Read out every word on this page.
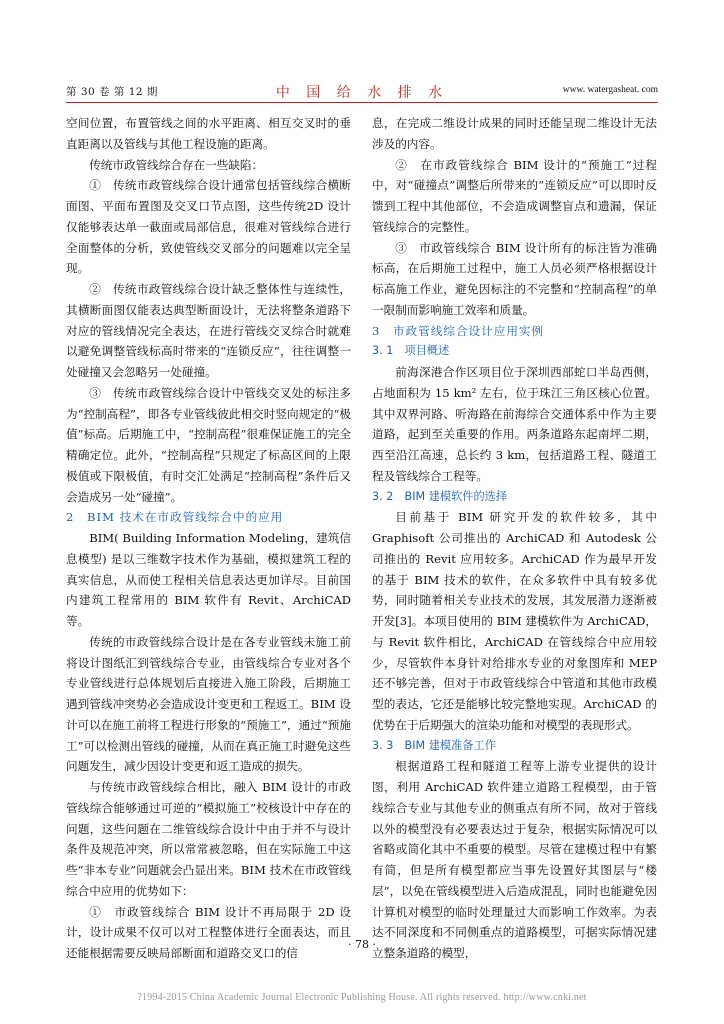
第 30 卷 第 12 期	中 国 给 水 排 水	www. watergasheat. com

空间位置，布置管线之间的水平距离、相互交叉时的垂直距离以及管线与其他工程设施的距离。

传统市政管线综合存在一些缺陷：

①　传统市政管线综合设计通常包括管线综合横断面图、平面布置图及交叉口节点图，这些传统2D 设计仅能够表达单一截面或局部信息，很难对管线综合进行全面整体的分析，致使管线交叉部分的问题难以完全呈现。

②　传统市政管线综合设计缺乏整体性与连续性，其横断面图仅能表达典型断面设计，无法将整条道路下对应的管线情况完全表达，在进行管线交叉综合时就难以避免调整管线标高时带来的“连锁反应”，往往调整一处碰撞又会忽略另一处碰撞。

③　传统市政管线综合设计中管线交叉处的标注多为“控制高程”，即各专业管线彼此相交时竖向规定的“极值”标高。后期施工中，“控制高程”很难保证施工的完全精确定位。此外，“控制高程”只规定了标高区间的上限极值或下限极值，有时交汇处满足“控制高程”条件后又会造成另一处“碰撞”。

2　BIM 技术在市政管线综合中的应用

BIM( Building Information Modeling，建筑信息模型) 是以三维数字技术作为基础，模拟建筑工程的真实信息，从而使工程相关信息表达更加详尽。目前国内建筑工程常用的 BIM 软件有 Revit、ArchiCAD 等。

传统的市政管线综合设计是在各专业管线未施工前将设计图纸汇到管线综合专业，由管线综合专业对各个专业管线进行总体规划后直接进入施工阶段，后期施工遇到管线冲突势必会造成设计变更和工程返工。BIM 设计可以在施工前将工程进行形象的“预施工”，通过“预施工”可以检测出管线的碰撞，从而在真正施工时避免这些问题发生，减少因设计变更和返工造成的损失。

与传统市政管线综合相比，融入 BIM 设计的市政管线综合能够通过可逆的“模拟施工”校核设计中存在的问题，这些问题在二维管线综合设计中由于并不与设计条件及规范冲突，所以常常被忽略，但在实际施工中这些“非本专业”问题就会凸显出来。BIM 技术在市政管线综合中应用的优势如下：

①　市政管线综合 BIM 设计不再局限于 2D 设计，设计成果不仅可以对工程整体进行全面表达，而且还能根据需要反映局部断面和道路交叉口的信

息，在完成二维设计成果的同时还能呈现二维设计无法涉及的内容。

②　在市政管线综合 BIM 设计的“预施工”过程中，对“碰撞点”调整后所带来的“连锁反应”可以即时反馈到工程中其他部位，不会造成调整盲点和遗漏，保证管线综合的完整性。

③　市政管线综合 BIM 设计所有的标注皆为准确标高，在后期施工过程中，施工人员必须严格根据设计标高施工作业，避免因标注的不完整和“控制高程”的单一限制而影响施工效率和质量。

3　市政管线综合设计应用实例

3. 1　项目概述

前海深港合作区项目位于深圳西部蛇口半岛西侧，占地面积为 15 km² 左右，位于珠江三角区核心位置。其中双界河路、听海路在前海综合交通体系中作为主要道路，起到至关重要的作用。两条道路东起南坪二期，西至沿江高速，总长约 3 km，包括道路工程、隧道工程及管线综合工程等。

3. 2　BIM 建模软件的选择

目前基于 BIM 研究开发的软件较多，其中 Graphisoft 公司推出的 ArchiCAD 和 Autodesk 公司推出的 Revit 应用较多。ArchiCAD 作为最早开发的基于 BIM 技术的软件，在众多软件中具有较多优势，同时随着相关专业技术的发展，其发展潜力逐渐被开发[3]。本项目使用的 BIM 建模软件为 ArchiCAD，与 Revit 软件相比，ArchiCAD 在管线综合中应用较少，尽管软件本身针对给排水专业的对象图库和 MEP 还不够完善，但对于市政管线综合中管道和其他市政模型的表达，它还是能够比较完整地实现。ArchiCAD 的优势在于后期强大的渲染功能和对模型的表现形式。

3. 3　BIM 建模准备工作

根据道路工程和隧道工程等上游专业提供的设计图，利用 ArchiCAD 软件建立道路工程模型，由于管线综合专业与其他专业的侧重点有所不同，故对于管线以外的模型没有必要表达过于复杂，根据实际情况可以省略或简化其中不重要的模型。尽管在建模过程中有繁有简，但是所有模型都应当事先设置好其图层与“楼层”，以免在管线模型进入后造成混乱，同时也能避免因计算机对模型的临时处理量过大而影响工作效率。为表达不同深度和不同侧重点的道路模型，可据实际情况建立整条道路的模型，

· 78 ·
?1994-2015 China Academic Journal Electronic Publishing House. All rights reserved. http://www.cnki.net
